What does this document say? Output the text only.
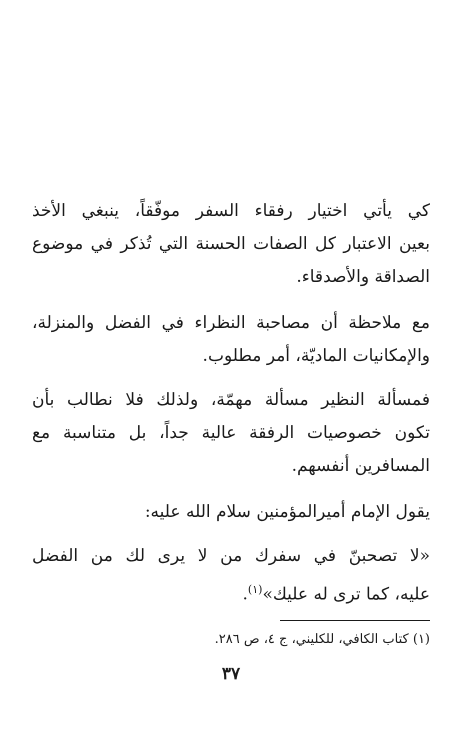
كي يأتي اختيار رفقاء السفر موفّقاً، ينبغي الأخذ
بعين الاعتبار كل الصفات الحسنة التي تُذكر في موضوع
الصداقة والأصدقاء.
مع ملاحظة أن مصاحبة النظراء في الفضل والمنزلة،
والإمكانيات الماديّة، أمر مطلوب.
فمسألة النظير مسألة مهمّة، ولذلك فلا نطالب بأن
تكون خصوصيات الرفقة عالية جداً، بل متناسبة مع
المسافرين أنفسهم.
يقول الإمام أميرالمؤمنين سلام الله عليه:
«لا تصحبنّ في سفرك من لا يرى لك من الفضل
عليه، كما ترى له عليك»$^{(١)}$.
(١) كتاب الكافي، للكليني، ج ٤، ص ٢٨٦.
٣٧
